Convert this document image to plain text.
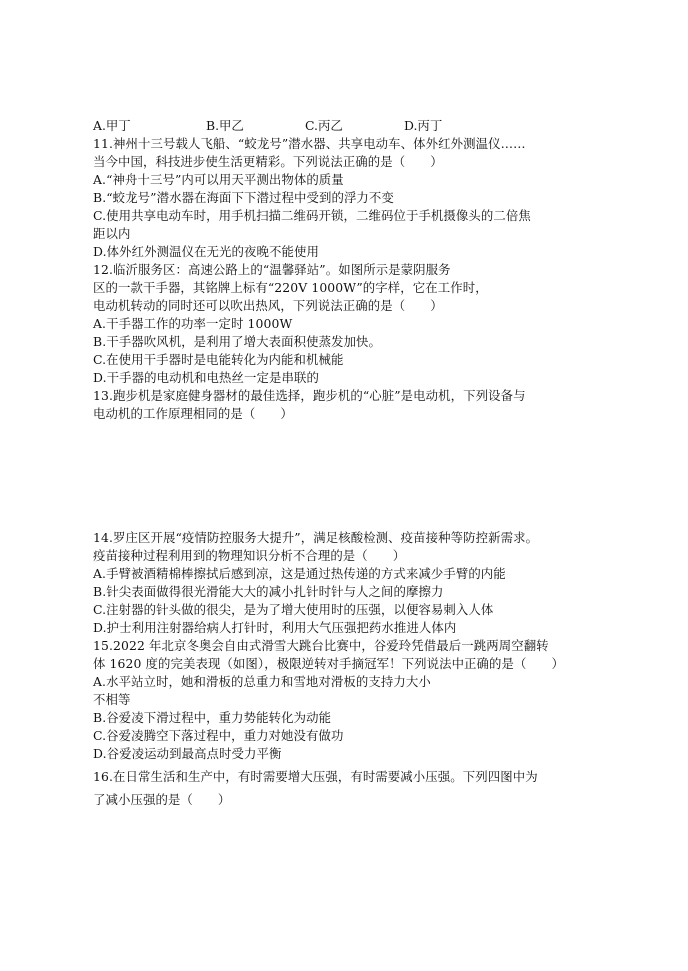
A.甲丁	B.甲乙	C.丙乙	D.丙丁
11.神州十三号载人飞船、“蛟龙号”潜水器、共享电动车、体外红外测温仪……
当今中国，科技进步使生活更精彩。下列说法正确的是（　　）
A.“神舟十三号”内可以用天平测出物体的质量
B.“蛟龙号”潜水器在海面下下潜过程中受到的浮力不变
C.使用共享电动车时，用手机扫描二维码开锁，二维码位于手机摄像头的二倍焦
距以内
D.体外红外测温仪在无光的夜晚不能使用
12.临沂服务区：高速公路上的“温馨驿站”。如图所示是蒙阴服务
区的一款干手器，其铭牌上标有“220V 1000W”的字样，它在工作时，
电动机转动的同时还可以吹出热风，下列说法正确的是（　　）
A.干手器工作的功率一定时 1000W
B.干手器吹风机，是利用了增大表面积使蒸发加快。
C.在使用干手器时是电能转化为内能和机械能
D.干手器的电动机和电热丝一定是串联的
13.跑步机是家庭健身器材的最佳选择，跑步机的“心脏”是电动机，下列设备与
电动机的工作原理相同的是（　　）
14.罗庄区开展“疫情防控服务大提升”，满足核酸检测、疫苗接种等防控新需求。
疫苗接种过程利用到的物理知识分析不合理的是（　　）
A.手臂被酒精棉棒擦拭后感到凉，这是通过热传递的方式来减少手臂的内能
B.针尖表面做得很光滑能大大的减小扎针时针与人之间的摩擦力
C.注射器的针头做的很尖，是为了增大使用时的压强，以便容易刺入人体
D.护士利用注射器给病人打针时，利用大气压强把药水推进人体内
15.2022 年北京冬奥会自由式滑雪大跳台比赛中，谷爱玲凭借最后一跳两周空翻转
体 1620 度的完美表现（如图），极限逆转对手摘冠军！下列说法中正确的是（　　）
A.水平站立时，她和滑板的总重力和雪地对滑板的支持力大小
不相等
B.谷爱凌下滑过程中，重力势能转化为动能
C.谷爱凌腾空下落过程中，重力对她没有做功
D.谷爱凌运动到最高点时受力平衡
16.在日常生活和生产中，有时需要增大压强，有时需要减小压强。下列四图中为
了减小压强的是（　　）
